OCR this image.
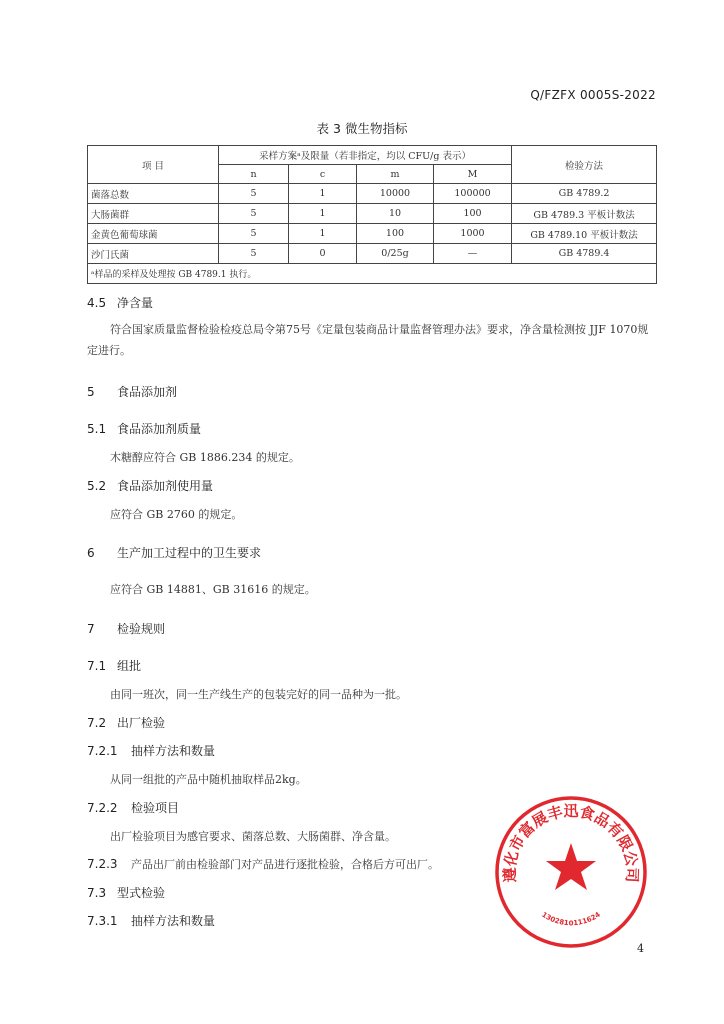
Q/FZFX 0005S-2022
表 3 微生物指标
项 目	采样方案ᵃ及限量（若非指定，均以 CFU/g 表示）				检验方法
	n	c	m	M	
菌落总数	5	1	10000	100000	GB 4789.2
大肠菌群	5	1	10	100	GB 4789.3 平板计数法
金黄色葡萄球菌	5	1	100	1000	GB 4789.10 平板计数法
沙门氏菌	5	0	0/25g	—	GB 4789.4
ᵃ样品的采样及处理按 GB 4789.1 执行。					
4.5 净含量
符合国家质量监督检验检疫总局令第75号《定量包装商品计量监督管理办法》要求，净含量检测按 JJF 1070规定进行。
5 食品添加剂
5.1 食品添加剂质量
木糖醇应符合 GB 1886.234 的规定。
5.2 食品添加剂使用量
应符合 GB 2760 的规定。
6 生产加工过程中的卫生要求
应符合 GB 14881、GB 31616 的规定。
7 检验规则
7.1 组批
由同一班次，同一生产线生产的包装完好的同一品种为一批。
7.2 出厂检验
7.2.1 抽样方法和数量
从同一组批的产品中随机抽取样品2kg。
7.2.2 检验项目
出厂检验项目为感官要求、菌落总数、大肠菌群、净含量。
7.2.3 产品出厂前由检验部门对产品进行逐批检验，合格后方可出厂。
7.3 型式检验
7.3.1 抽样方法和数量
遵化市富展丰迅食品有限公司
1302810111624
4
